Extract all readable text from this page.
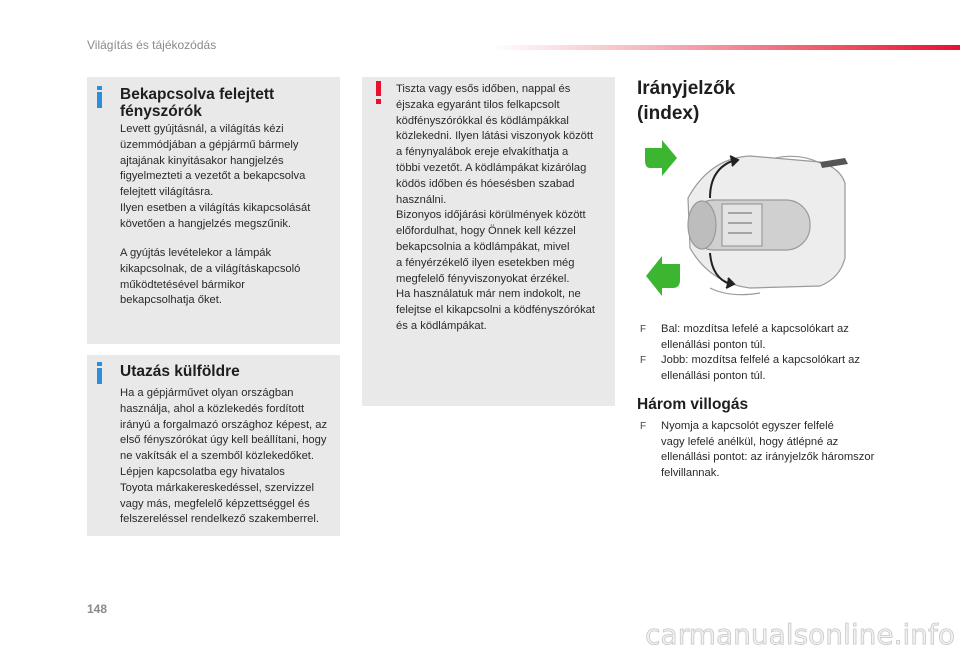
Világítás és tájékozódás
Bekapcsolva felejtett fényszórók

Levett gyújtásnál, a világítás kézi
üzemmódjában a gépjármű bármely
ajtajának kinyitásakor hangjelzés
figyelmezteti a vezetőt a bekapcsolva
felejtett világításra.
Ilyen esetben a világítás kikapcsolását
követően a hangjelzés megszűnik.

A gyújtás levételekor a lámpák
kikapcsolnak, de a világításkapcsoló
működtetésével bármikor
bekapcsolhatja őket.

Utazás külföldre

Ha a gépjárművet olyan országban
használja, ahol a közlekedés fordított
irányú a forgalmazó országhoz képest, az
első fényszórókat úgy kell beállítani, hogy
ne vakítsák el a szemből közlekedőket.
Lépjen kapcsolatba egy hivatalos
Toyota márkakereskedéssel, szervizzel
vagy más, megfelelő képzettséggel és
felszereléssel rendelkező szakemberrel.

Tiszta vagy esős időben, nappal és
éjszaka egyaránt tilos felkapcsolt
ködfényszórókkal és ködlámpákkal
közlekedni. Ilyen látási viszonyok között
a fénynyalábok ereje elvakíthatja a
többi vezetőt. A ködlámpákat kizárólag
ködös időben és hóesésben szabad
használni.
Bizonyos időjárási körülmények között
előfordulhat, hogy Önnek kell kézzel
bekapcsolnia a ködlámpákat, mivel
a fényérzékelő ilyen esetekben még
megfelelő fényviszonyokat érzékel.
Ha használatuk már nem indokolt, ne
felejtse el kikapcsolni a ködfényszórókat
és a ködlámpákat.

Irányjelzők
(index)
F Bal: mozdítsa lefelé a kapcsolókart az
ellenállási ponton túl.
F Jobb: mozdítsa felfelé a kapcsolókart az
ellenállási ponton túl.
Három villogás
F Nyomja a kapcsolót egyszer felfelé
vagy lefelé anélkül, hogy átlépné az
ellenállási pontot: az irányjelzők háromszor
felvillannak.
148
carmanualsonline.info
